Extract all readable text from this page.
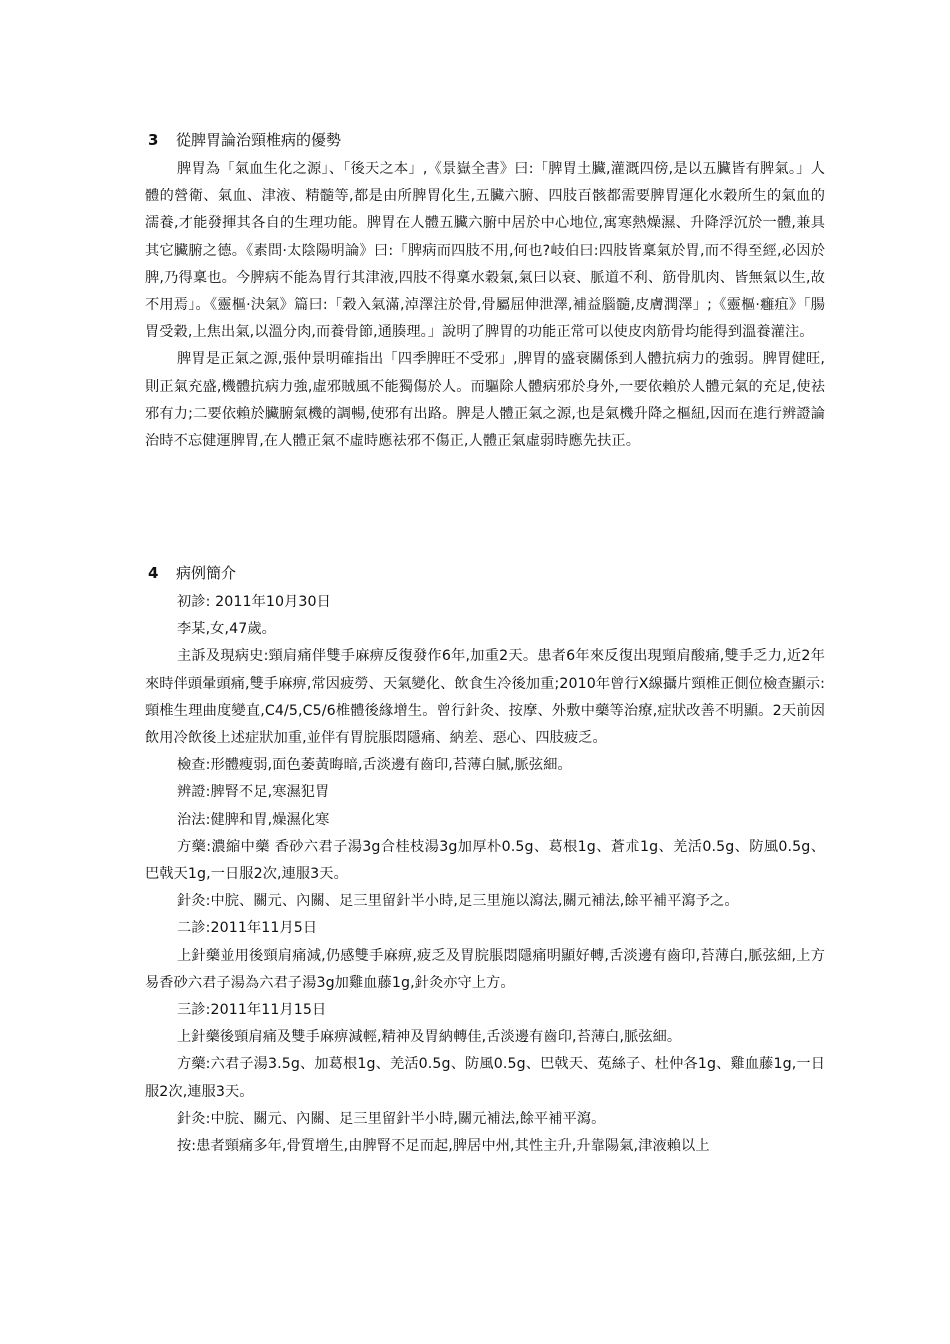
3 從脾胃論治頸椎病的優勢

脾胃為「氣血生化之源」、「後天之本」,《景嶽全書》曰:「脾胃土臟,灌溉四傍,是以五臟皆有脾氣。」人體的營衛、氣血、津液、精髓等,都是由所脾胃化生,五臟六腑、四肢百骸都需要脾胃運化水穀所生的氣血的濡養,才能發揮其各自的生理功能。脾胃在人體五臟六腑中居於中心地位,寓寒熱燥濕、升降浮沉於一體,兼具其它臟腑之德。《素問·太陰陽明論》曰:「脾病而四肢不用,何也?岐伯曰:四肢皆稟氣於胃,而不得至經,必因於脾,乃得稟也。今脾病不能為胃行其津液,四肢不得稟水穀氣,氣曰以衰、脈道不利、筋骨肌肉、皆無氣以生,故不用焉」。《靈樞·決氣》篇曰:「穀入氣滿,淖澤注於骨,骨屬屈伸泄澤,補益腦髓,皮膚潤澤」;《靈樞·癰疽》「腸胃受穀,上焦出氣,以溫分肉,而養骨節,通腠理。」說明了脾胃的功能正常可以使皮肉筋骨均能得到溫養灌注。

脾胃是正氣之源,張仲景明確指出「四季脾旺不受邪」,脾胃的盛衰關係到人體抗病力的強弱。脾胃健旺,則正氣充盛,機體抗病力強,虛邪賊風不能獨傷於人。而驅除人體病邪於身外,一要依賴於人體元氣的充足,使祛邪有力;二要依賴於臟腑氣機的調暢,使邪有出路。脾是人體正氣之源,也是氣機升降之樞紐,因而在進行辨證論治時不忘健運脾胃,在人體正氣不虛時應祛邪不傷正,人體正氣虛弱時應先扶正。

4 病例簡介

初診: 2011年10月30日

李某,女,47歲。

主訴及現病史:頸肩痛伴雙手麻痹反復發作6年,加重2天。患者6年來反復出現頸肩酸痛,雙手乏力,近2年來時伴頭暈頭痛,雙手麻痹,常因疲勞、天氣變化、飲食生冷後加重;2010年曾行X線攝片頸椎正側位檢查顯示:頸椎生理曲度變直,C4/5,C5/6椎體後緣增生。曾行針灸、按摩、外敷中藥等治療,症狀改善不明顯。2天前因飲用冷飲後上述症狀加重,並伴有胃脘脹悶隱痛、納差、惡心、四肢疲乏。

檢查:形體瘦弱,面色萎黃晦暗,舌淡邊有齒印,苔薄白膩,脈弦細。

辨證:脾腎不足,寒濕犯胃

治法:健脾和胃,燥濕化寒

方藥:濃縮中藥 香砂六君子湯3g合桂枝湯3g加厚朴0.5g、葛根1g、蒼朮1g、羌活0.5g、防風0.5g、巴戟天1g,一日服2次,連服3天。

針灸:中脘、關元、內關、足三里留針半小時,足三里施以瀉法,關元補法,餘平補平瀉予之。

二診:2011年11月5日

上針藥並用後頸肩痛減,仍感雙手麻痹,疲乏及胃脘脹悶隱痛明顯好轉,舌淡邊有齒印,苔薄白,脈弦細,上方易香砂六君子湯為六君子湯3g加雞血藤1g,針灸亦守上方。

三診:2011年11月15日

上針藥後頸肩痛及雙手麻痹減輕,精神及胃納轉佳,舌淡邊有齒印,苔薄白,脈弦細。

方藥:六君子湯3.5g、加葛根1g、羌活0.5g、防風0.5g、巴戟天、菟絲子、杜仲各1g、雞血藤1g,一日服2次,連服3天。

針灸:中脘、關元、內關、足三里留針半小時,關元補法,餘平補平瀉。

按:患者頸痛多年,骨質增生,由脾腎不足而起,脾居中州,其性主升,升靠陽氣,津液賴以上
